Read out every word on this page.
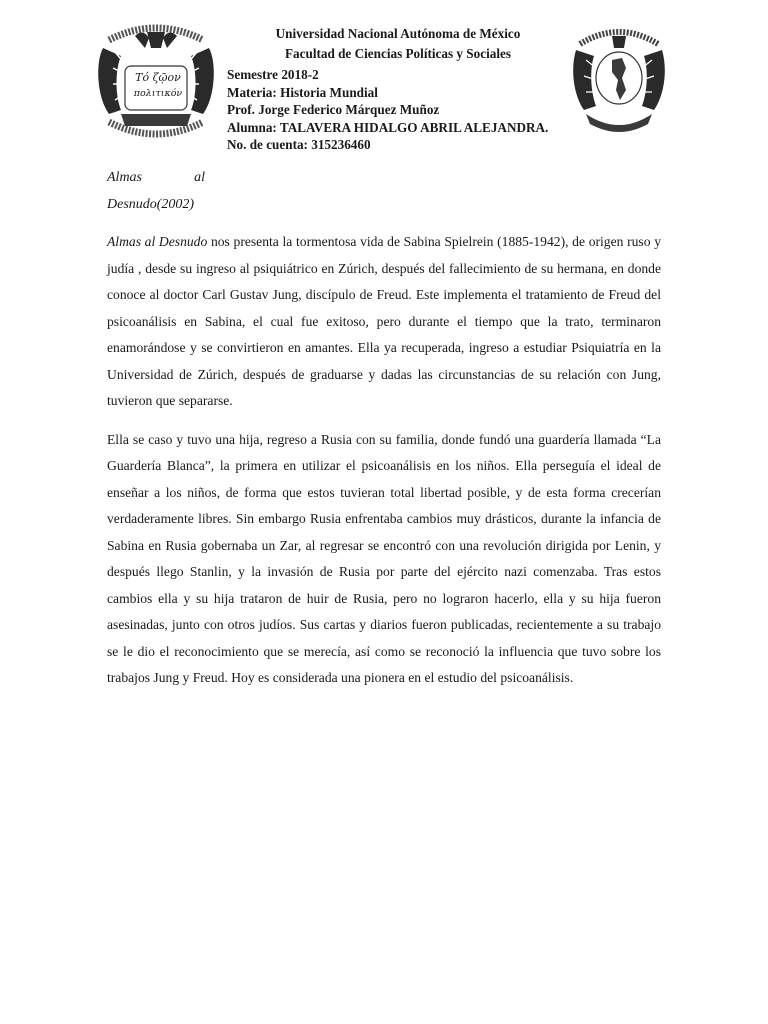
Τό ζῷον
πολιτικόν
Universidad Nacional Autónoma de México
Facultad de Ciencias Políticas y Sociales
Semestre 2018-2
Materia: Historia Mundial
Prof. Jorge Federico Márquez Muñoz
Alumna: TALAVERA HIDALGO ABRIL ALEJANDRA.
No. de cuenta: 315236460
Almas	al
Desnudo(2002)

Almas al Desnudo nos presenta la tormentosa vida de Sabina Spielrein (1885-1942), de origen ruso y judía , desde su ingreso al psiquiátrico en Zúrich, después del fallecimiento de su hermana, en donde conoce al doctor Carl Gustav Jung, discípulo de Freud. Este implementa el tratamiento de Freud del psicoanálisis en Sabina, el cual fue exitoso, pero durante el tiempo que la trato, terminaron enamorándose y se convirtieron en amantes. Ella ya recuperada, ingreso a estudiar Psiquiatría en la Universidad de Zúrich, después de graduarse y dadas las circunstancias de su relación con Jung, tuvieron que separarse.

Ella se caso y tuvo una hija, regreso a Rusia con su familia, donde fundó una guardería llamada “La Guardería Blanca”, la primera en utilizar el psicoanálisis en los niños. Ella perseguía el ideal de enseñar a los niños, de forma que estos tuvieran total libertad posible, y de esta forma crecerían verdaderamente libres. Sin embargo Rusia enfrentaba cambios muy drásticos, durante la infancia de Sabina en Rusia gobernaba un Zar, al regresar se encontró con una revolución dirigida por Lenin, y después llego Stanlin, y la invasión de Rusia por parte del ejército nazi comenzaba. Tras estos cambios ella y su hija trataron de huir de Rusia, pero no lograron hacerlo, ella y su hija fueron asesinadas, junto con otros judíos. Sus cartas y diarios fueron publicadas, recientemente a su trabajo se le dio el reconocimiento que se merecía, así como se reconoció la influencia que tuvo sobre los trabajos Jung y Freud. Hoy es considerada una pionera en el estudio del psicoanálisis.
